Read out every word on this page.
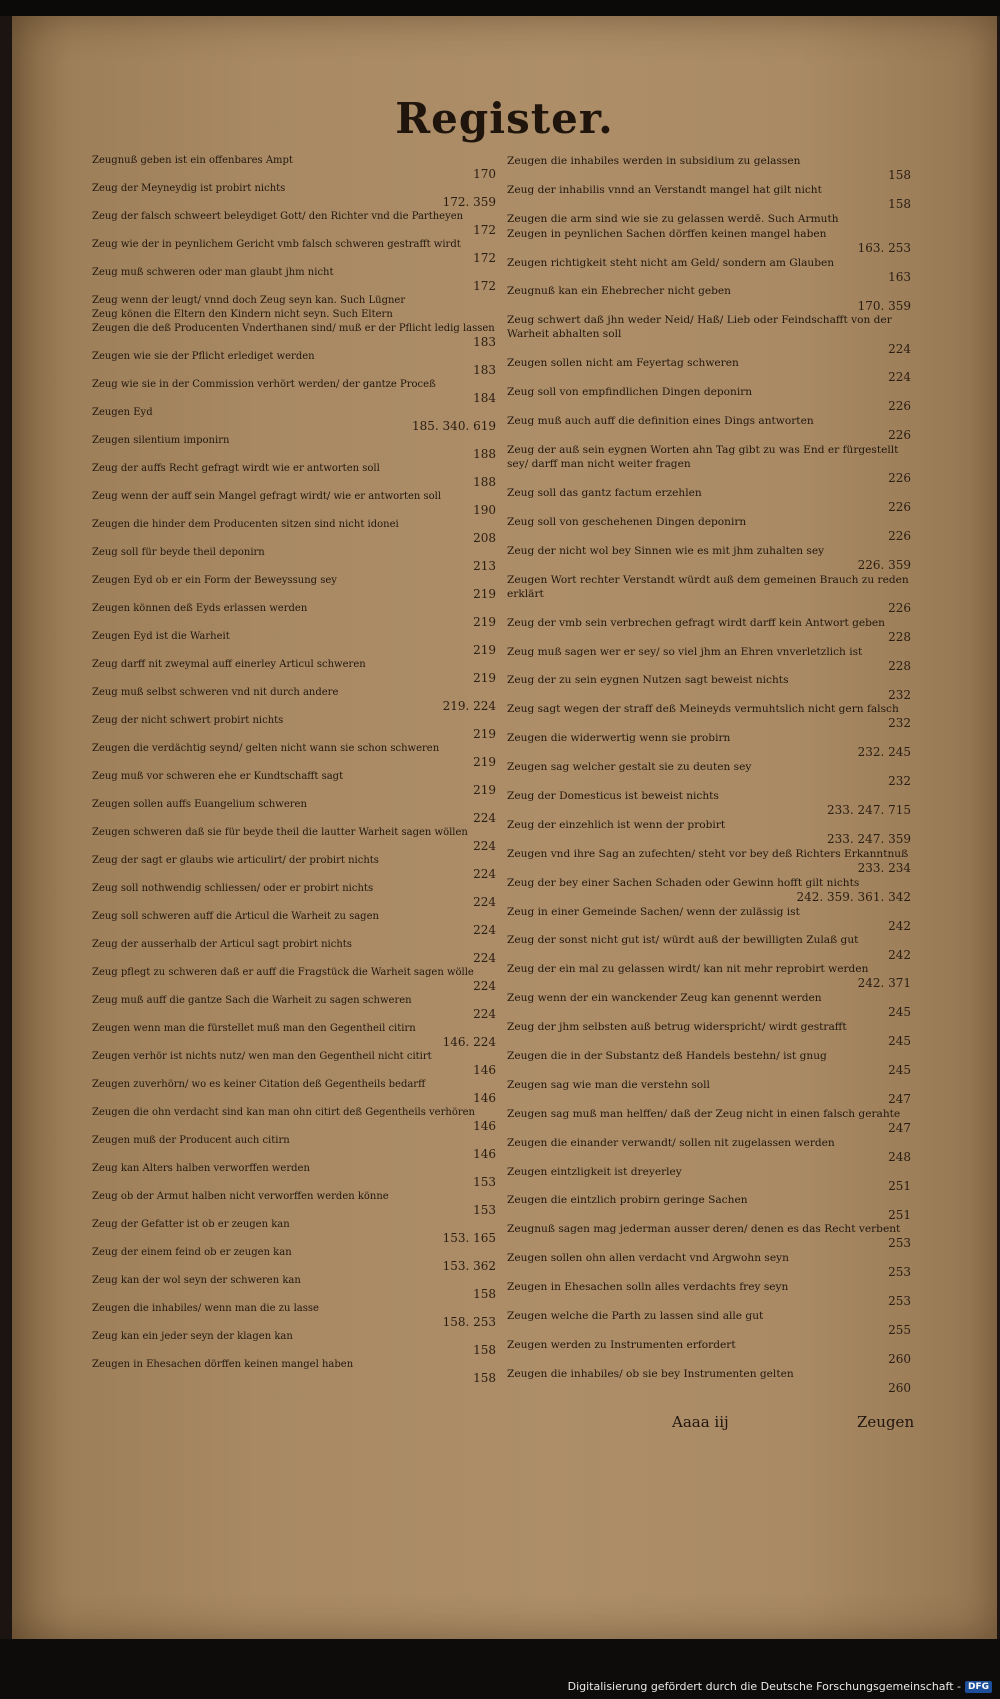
Register.
Zeugnuß geben ist ein offenbares Ampt
170
Zeug der Meyneydig ist probirt nichts
172. 359
Zeug der falsch schweert beleydiget Gott/ den Richter vnd die Partheyen
172
Zeug wie der in peynlichem Gericht vmb falsch schweren gestrafft wirdt
172
Zeug muß schweren oder man glaubt jhm nicht
172
Zeug wenn der leugt/ vnnd doch Zeug seyn kan. Such Lügner
Zeug könen die Eltern den Kindern nicht seyn. Such Eltern
Zeugen die deß Producenten Vnderthanen sind/ muß er der Pflicht ledig lassen
183
Zeugen wie sie der Pflicht erlediget werden
183
Zeug wie sie in der Commission verhört werden/ der gantze Proceß
184
Zeugen Eyd
185. 340. 619
Zeugen silentium imponirn
188
Zeug der auffs Recht gefragt wirdt wie er antworten soll
188
Zeug wenn der auff sein Mangel gefragt wirdt/ wie er antworten soll
190
Zeugen die hinder dem Producenten sitzen sind nicht idonei
208
Zeug soll für beyde theil deponirn
213
Zeugen Eyd ob er ein Form der Beweyssung sey
219
Zeugen können deß Eyds erlassen werden
219
Zeugen Eyd ist die Warheit
219
Zeug darff nit zweymal auff einerley Articul schweren
219
Zeug muß selbst schweren vnd nit durch andere
219. 224
Zeug der nicht schwert probirt nichts
219
Zeugen die verdächtig seynd/ gelten nicht wann sie schon schweren
219
Zeug muß vor schweren ehe er Kundtschafft sagt
219
Zeugen sollen auffs Euangelium schweren
224
Zeugen schweren daß sie für beyde theil die lautter Warheit sagen wöllen
224
Zeug der sagt er glaubs wie articulirt/ der probirt nichts
224
Zeug soll nothwendig schliessen/ oder er probirt nichts
224
Zeug soll schweren auff die Articul die Warheit zu sagen
224
Zeug der ausserhalb der Articul sagt probirt nichts
224
Zeug pflegt zu schweren daß er auff die Fragstück die Warheit sagen wölle
224
Zeug muß auff die gantze Sach die Warheit zu sagen schweren
224
Zeugen wenn man die fürstellet muß man den Gegentheil citirn
146. 224
Zeugen verhör ist nichts nutz/ wen man den Gegentheil nicht citirt
146
Zeugen zuverhörn/ wo es keiner Citation deß Gegentheils bedarff
146
Zeugen die ohn verdacht sind kan man ohn citirt deß Gegentheils verhören
146
Zeugen muß der Producent auch citirn
146
Zeug kan Alters halben verworffen werden
153
Zeug ob der Armut halben nicht verworffen werden könne
153
Zeug der Gefatter ist ob er zeugen kan
153. 165
Zeug der einem feind ob er zeugen kan
153. 362
Zeug kan der wol seyn der schweren kan
158
Zeugen die inhabiles/ wenn man die zu lasse
158. 253
Zeug kan ein jeder seyn der klagen kan
158
Zeugen in Ehesachen dörffen keinen mangel haben
158
Zeugen die inhabiles werden in subsidium zu gelassen
158
Zeug der inhabilis vnnd an Verstandt mangel hat gilt nicht
158
Zeugen die arm sind wie sie zu gelassen werdē. Such Armuth
Zeugen in peynlichen Sachen dörffen keinen mangel haben
163. 253
Zeugen richtigkeit steht nicht am Geld/ sondern am Glauben
163
Zeugnuß kan ein Ehebrecher nicht geben
170. 359
Zeug schwert daß jhn weder Neid/ Haß/ Lieb oder Feindschafft von der Warheit abhalten soll
224
Zeugen sollen nicht am Feyertag schweren
224
Zeug soll von empfindlichen Dingen deponirn
226
Zeug muß auch auff die definition eines Dings antworten
226
Zeug der auß sein eygnen Worten ahn Tag gibt zu was End er fürgestellt sey/ darff man nicht weiter fragen
226
Zeug soll das gantz factum erzehlen
226
Zeug soll von geschehenen Dingen deponirn
226
Zeug der nicht wol bey Sinnen wie es mit jhm zuhalten sey
226. 359
Zeugen Wort rechter Verstandt würdt auß dem gemeinen Brauch zu reden erklärt
226
Zeug der vmb sein verbrechen gefragt wirdt darff kein Antwort geben
228
Zeug muß sagen wer er sey/ so viel jhm an Ehren vnverletzlich ist
228
Zeug der zu sein eygnen Nutzen sagt beweist nichts
232
Zeug sagt wegen der straff deß Meineyds vermuhtslich nicht gern falsch
232
Zeugen die widerwertig wenn sie probirn
232. 245
Zeugen sag welcher gestalt sie zu deuten sey
232
Zeug der Domesticus ist beweist nichts
233. 247. 715
Zeug der einzehlich ist wenn der probirt
233. 247. 359
Zeugen vnd ihre Sag an zufechten/ steht vor bey deß Richters Erkanntnuß
233. 234
Zeug der bey einer Sachen Schaden oder Gewinn hofft gilt nichts
242. 359. 361. 342
Zeug in einer Gemeinde Sachen/ wenn der zulässig ist
242
Zeug der sonst nicht gut ist/ würdt auß der bewilligten Zulaß gut
242
Zeug der ein mal zu gelassen wirdt/ kan nit mehr reprobirt werden
242. 371
Zeug wenn der ein wanckender Zeug kan genennt werden
245
Zeug der jhm selbsten auß betrug widerspricht/ wirdt gestrafft
245
Zeugen die in der Substantz deß Handels bestehn/ ist gnug
245
Zeugen sag wie man die verstehn soll
247
Zeugen sag muß man helffen/ daß der Zeug nicht in einen falsch gerahte
247
Zeugen die einander verwandt/ sollen nit zugelassen werden
248
Zeugen eintzligkeit ist dreyerley
251
Zeugen die eintzlich probirn geringe Sachen
251
Zeugnuß sagen mag jederman ausser deren/ denen es das Recht verbent
253
Zeugen sollen ohn allen verdacht vnd Argwohn seyn
253
Zeugen in Ehesachen solln alles verdachts frey seyn
253
Zeugen welche die Parth zu lassen sind alle gut
255
Zeugen werden zu Instrumenten erfordert
260
Zeugen die inhabiles/ ob sie bey Instrumenten gelten
260
Aaaa iij	Zeugen
Digitalisierung gefördert durch die Deutsche Forschungsgemeinschaft - DFG
